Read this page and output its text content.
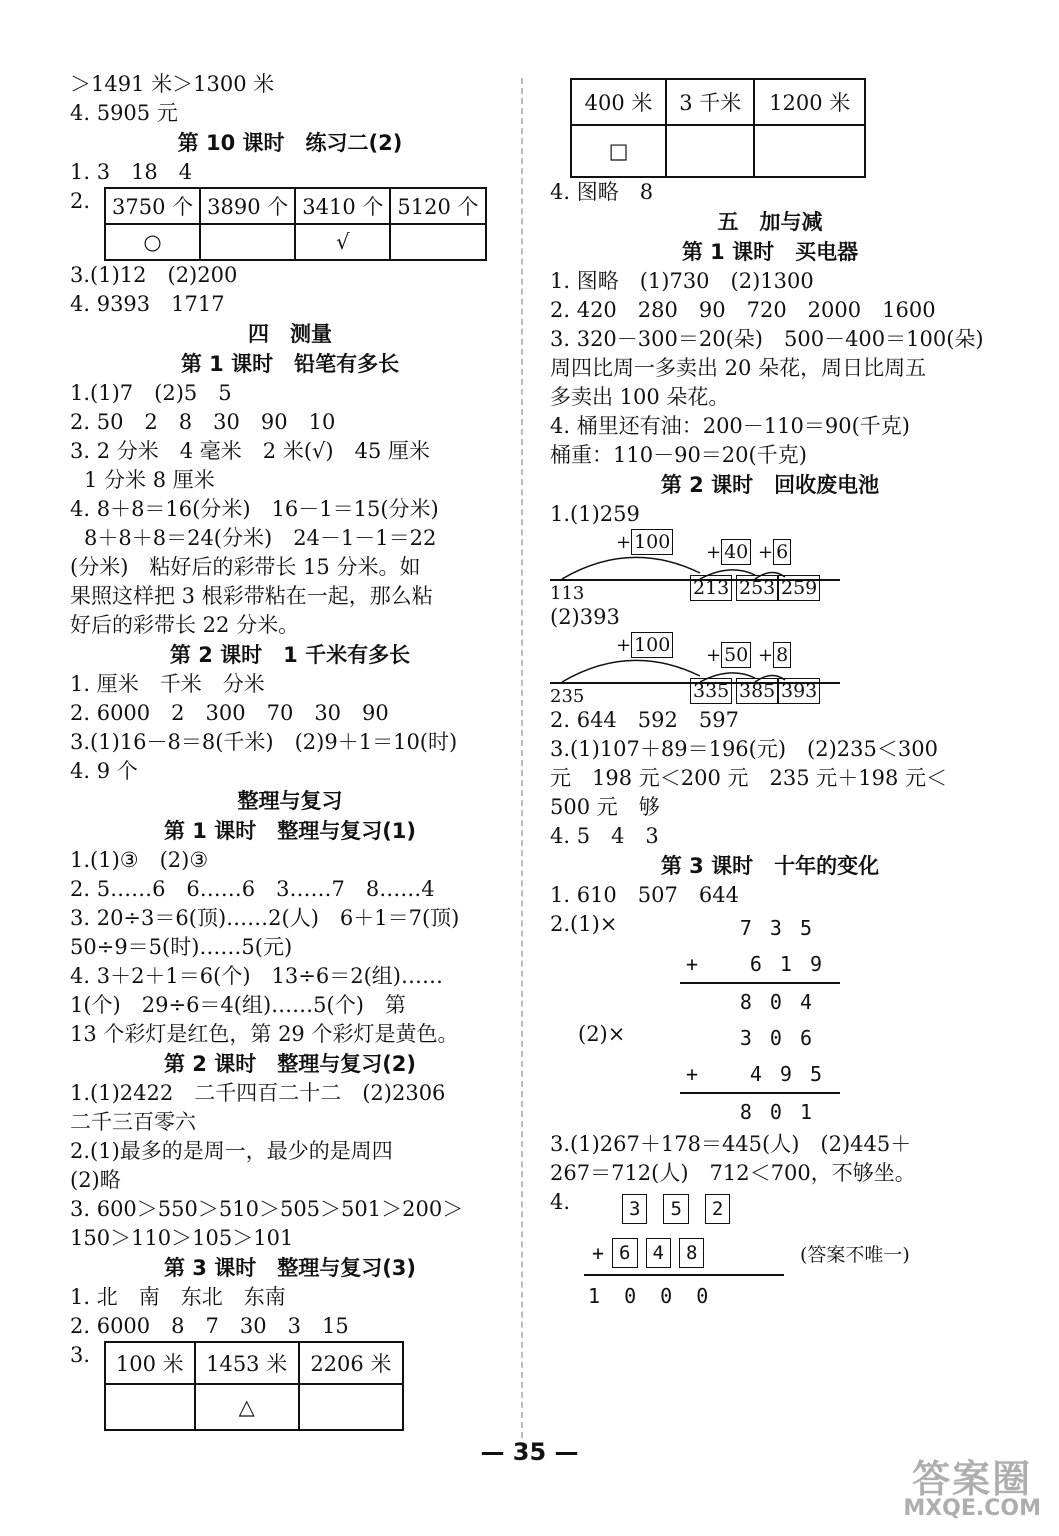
＞1491 米＞1300 米
4. 5905 元
第 10 课时　练习二(2)
1. 3　18　4
2.	3750 个	3890 个	3410 个	5120 个
○		√	
3.(1)12　(2)200
4. 9393　1717
四　测量
第 1 课时　铅笔有多长
1.(1)7　(2)5　5
2. 50　2　8　30　90　10
3. 2 分米　4 毫米　2 米(√)　45 厘米
1 分米 8 厘米
4. 8＋8＝16(分米)　16－1＝15(分米)
8＋8＋8＝24(分米)　24－1－1＝22
(分米)　粘好后的彩带长 15 分米。如
果照这样把 3 根彩带粘在一起，那么粘
好后的彩带长 22 分米。
第 2 课时　1 千米有多长
1. 厘米　千米　分米
2. 6000　2　300　70　30　90
3.(1)16－8＝8(千米)　(2)9＋1＝10(时)
4. 9 个
整理与复习
第 1 课时　整理与复习(1)
1.(1)③　(2)③
2. 5……6　6……6　3……7　8……4
3. 20÷3＝6(顶)……2(人)　6＋1＝7(顶)
50÷9＝5(时)……5(元)
4. 3＋2＋1＝6(个)　13÷6＝2(组)……
1(个)　29÷6＝4(组)……5(个)　第
13 个彩灯是红色，第 29 个彩灯是黄色。
第 2 课时　整理与复习(2)
1.(1)2422　二千四百二十二　(2)2306
二千三百零六
2.(1)最多的是周一，最少的是周四
(2)略
3. 600＞550＞510＞505＞501＞200＞
150＞110＞105＞101
第 3 课时　整理与复习(3)
1. 北　南　东北　东南
2. 6000　8　7　30　3　15
3.	100 米	1453 米	2206 米
	△	
400 米	3 千米	1200 米
□		
4. 图略　8
五　加与减
第 1 课时　买电器
1. 图略　(1)730　(2)1300
2. 420　280　90　720　2000　1600
3. 320－300＝20(朵)　500－400＝100(朵)
周四比周一多卖出 20 朵花，周日比周五
多卖出 100 朵花。
4. 桶里还有油：200－110＝90(千克)
桶重：110－90＝20(千克)
第 2 课时　回收废电池
1.(1)259
113
+ 100 + 40 + 6
213 253 259
(2)393
235
+ 100 + 50 + 8
335 385 393
2. 644　592　597
3.(1)107＋89＝196(元)　(2)235＜300
元　198 元＜200 元　235 元＋198 元＜
500 元　够
4. 5　4　3
第 3 课时　十年的变化
1. 610　507　644
2.(1)×	735
+	619
804
(2)×	306
+	495
801
3.(1)267＋178＝445(人)　(2)445＋
267＝712(人)　712＜700，不够坐。
4.	3	5	2
+ 6	4	8	(答案不唯一)
1 0 0 0
— 35 —
答案圈
MXQE.COM
